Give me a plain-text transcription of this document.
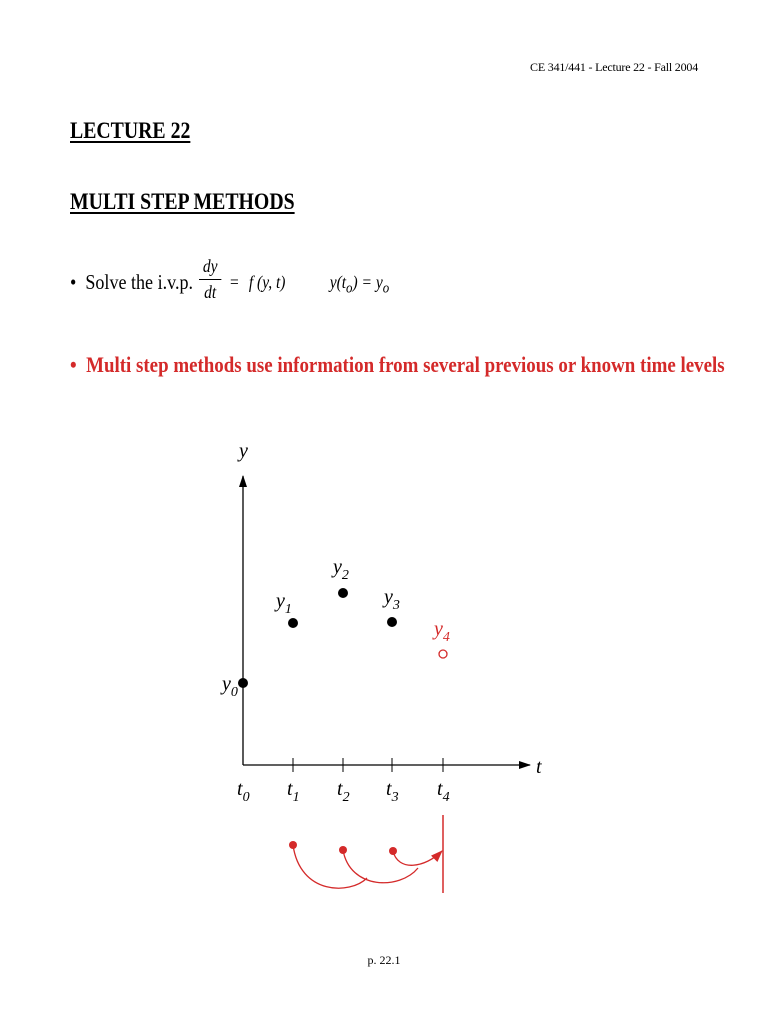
CE 341/441 - Lecture 22 - Fall 2004
LECTURE 22
MULTI STEP METHODS
• Solve the i.v.p.
dy
dt = f (y, t) $y(t_o) = y_o$
• Multi step methods use information from several previous or known time levels
y
t
$t_0$ $t_1$ $t_2$ $t_3$ $t_4$
$y_0$
$y_1$
$y_2$
$y_3$
$y_4$
p. 22.1
